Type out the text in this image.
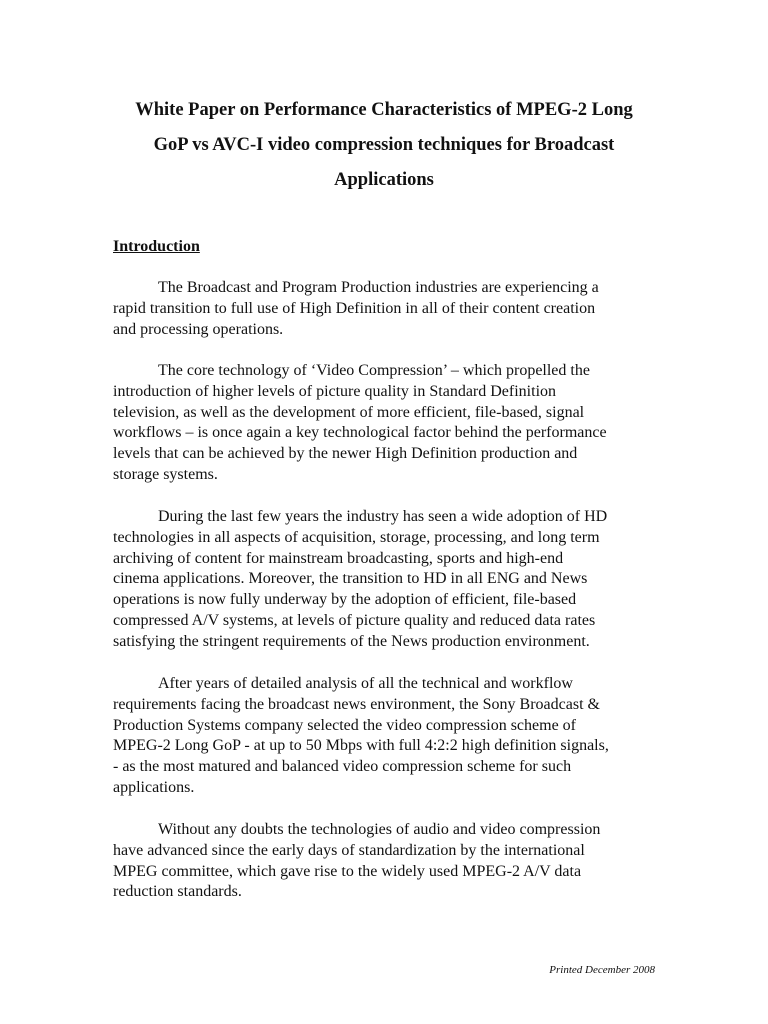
White Paper on Performance Characteristics of MPEG-2 Long
GoP vs AVC-I video compression techniques for Broadcast
Applications
Introduction
The Broadcast and Program Production industries are experiencing a
rapid transition to full use of High Definition in all of their content creation
and processing operations.
The core technology of ‘Video Compression’ – which propelled the
introduction of higher levels of picture quality in Standard Definition
television, as well as the development of more efficient, file-based, signal
workflows – is once again a key technological factor behind the performance
levels that can be achieved by the newer High Definition production and
storage systems.
During the last few years the industry has seen a wide adoption of HD
technologies in all aspects of acquisition, storage, processing, and long term
archiving of content for mainstream broadcasting, sports and high-end
cinema applications. Moreover, the transition to HD in all ENG and News
operations is now fully underway by the adoption of efficient, file-based
compressed A/V systems, at levels of picture quality and reduced data rates
satisfying the stringent requirements of the News production environment.
After years of detailed analysis of all the technical and workflow
requirements facing the broadcast news environment, the Sony Broadcast &
Production Systems company selected the video compression scheme of
MPEG-2 Long GoP - at up to 50 Mbps with full 4:2:2 high definition signals,
- as the most matured and balanced video compression scheme for such
applications.
Without any doubts the technologies of audio and video compression
have advanced since the early days of standardization by the international
MPEG committee, which gave rise to the widely used MPEG-2 A/V data
reduction standards.
Printed December 2008
